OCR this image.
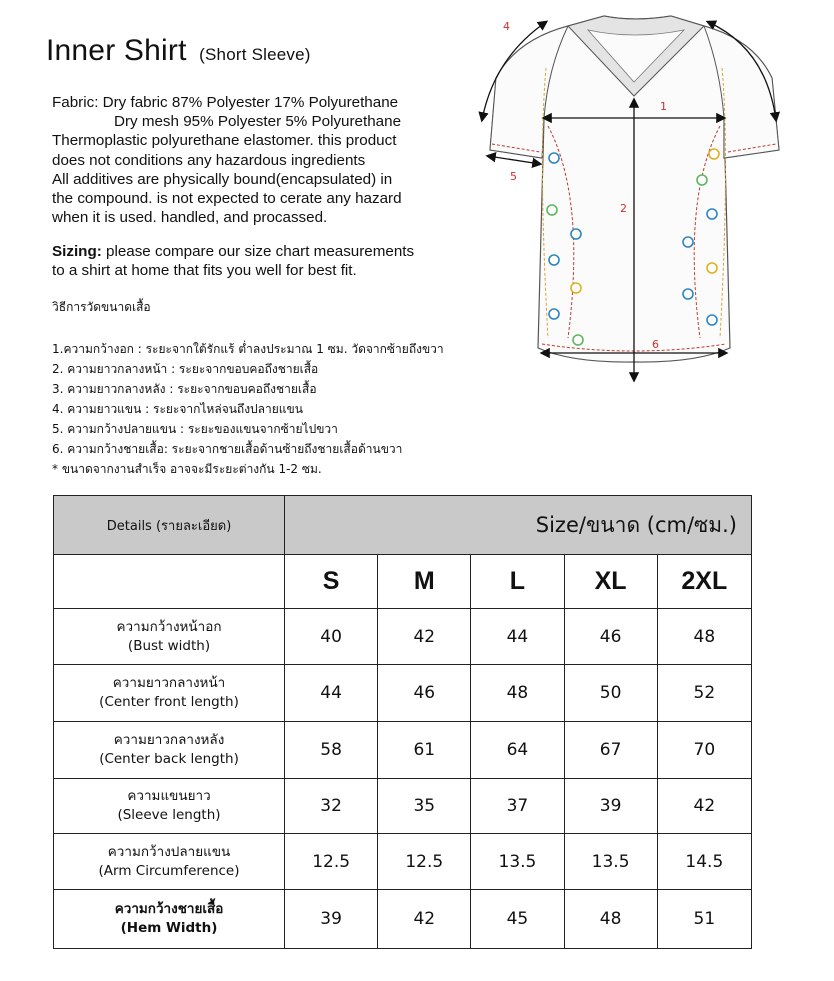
Inner Shirt (Short Sleeve)
Fabric: Dry fabric 87% Polyester 17% Polyurethane
Dry mesh 95% Polyester 5% Polyurethane
Thermoplastic polyurethane elastomer. this product
does not conditions any hazardous ingredients
All additives are physically bound(encapsulated) in
the compound. is not expected to cerate any hazard
when it is used. handled, and procassed.
Sizing: please compare our size chart measurements
to a shirt at home that fits you well for best fit.
วิธีการวัดขนาดเสื้อ
1.ความกว้างอก : ระยะจากใต้รักแร้ ต่ำลงประมาณ 1 ซม. วัดจากซ้ายถึงขวา
2. ความยาวกลางหน้า : ระยะจากขอบคอถึงชายเสื้อ
3. ความยาวกลางหลัง : ระยะจากขอบคอถึงชายเสื้อ
4. ความยาวแขน : ระยะจากไหล่จนถึงปลายแขน
5. ความกว้างปลายแขน : ระยะของแขนจากซ้ายไปขวา
6. ความกว้างชายเสื้อ: ระยะจากชายเสื้อด้านซ้ายถึงชายเสื้อด้านขวา
* ขนาดจากงานสำเร็จ อาจจะมีระยะต่างกัน 1-2 ซม.
1
2
4
5
6
Details (รายละเอียด)	Size/ขนาด (cm/ซม.)				
	S	M	L	XL	2XL

ความกว้างหน้าอก
(Bust width)	40	42	44	46	48

ความยาวกลางหน้า
(Center front length)	44	46	48	50	52

ความยาวกลางหลัง
(Center back length)	58	61	64	67	70

ความแขนยาว
(Sleeve length)	32	35	37	39	42

ความกว้างปลายแขน
(Arm Circumference)	12.5	12.5	13.5	13.5	14.5

ความกว้างชายเสื้อ
(Hem Width)	39	42	45	48	51
